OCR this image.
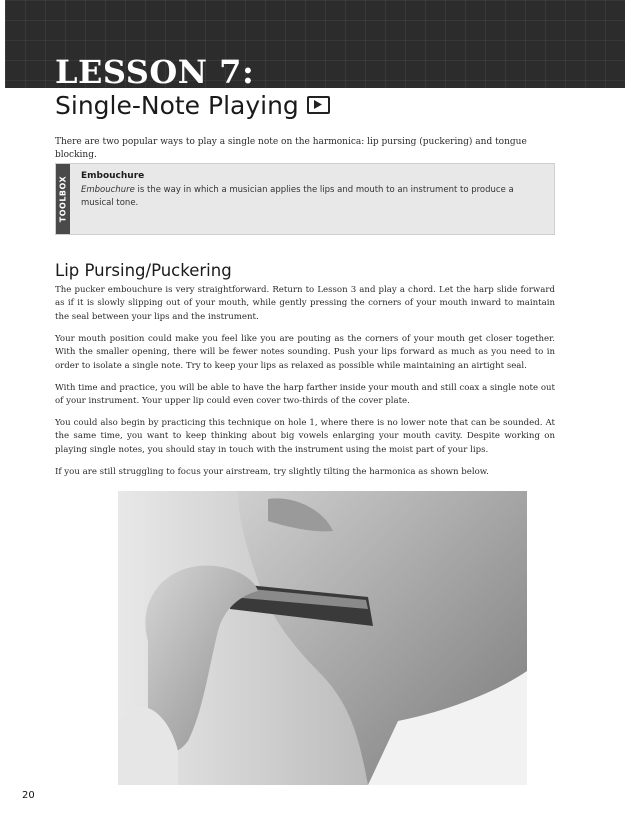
LESSON 7:
Single-Note Playing

There are two popular ways to play a single note on the harmonica: lip pursing (puckering) and tongue blocking.

TOOLBOX Embouchure

Embouchure is the way in which a musician applies the lips and mouth to an instrument to produce a musical tone.

Lip Pursing/Puckering

The pucker embouchure is very straightforward. Return to Lesson 3 and play a chord. Let the harp slide forward as if it is slowly slipping out of your mouth, while gently pressing the corners of your mouth inward to maintain the seal between your lips and the instrument.

Your mouth position could make you feel like you are pouting as the corners of your mouth get closer together. With the smaller opening, there will be fewer notes sounding. Push your lips forward as much as you need to in order to isolate a single note. Try to keep your lips as relaxed as possible while maintaining an airtight seal.

With time and practice, you will be able to have the harp farther inside your mouth and still coax a single note out of your instrument. Your upper lip could even cover two-thirds of the cover plate.

You could also begin by practicing this technique on hole 1, where there is no lower note that can be sounded. At the same time, you want to keep thinking about big vowels enlarging your mouth cavity. Despite working on playing single notes, you should stay in touch with the instrument using the moist part of your lips.

If you are still struggling to focus your airstream, try slightly tilting the harmonica as shown below.

20
